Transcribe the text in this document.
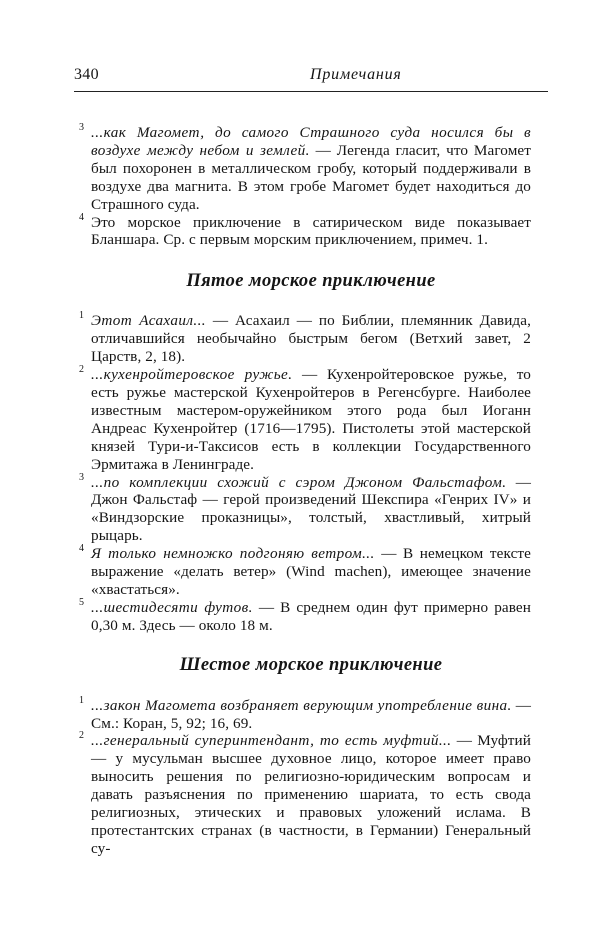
340	Примечания

3 ...как Магомет, до самого Страшного суда носился бы в воздухе между небом и землей. — Легенда гласит, что Магомет был похоронен в металлическом гробу, который поддерживали в воздухе два магнита. В этом гробе Магомет будет находиться до Страшного суда.

4 Это морское приключение в сатирическом виде показывает Бланшара. Ср. с первым морским приключением, примеч. 1.

Пятое морское приключение

1 Этот Асахаил... — Асахаил — по Библии, племянник Давида, отличавшийся необычайно быстрым бегом (Ветхий завет, 2 Царств, 2, 18).

2 ...кухенройтеровское ружье. — Кухенройтеровское ружье, то есть ружье мастерской Кухенройтеров в Регенсбурге. Наиболее известным мастером-оружейником этого рода был Иоганн Андреас Кухенройтер (1716—1795). Пистолеты этой мастерской князей Тури-и-Таксисов есть в коллекции Государственного Эрмитажа в Ленинграде.

3 ...по комплекции схожий с сэром Джоном Фальстафом. — Джон Фальстаф — герой произведений Шекспира «Генрих IV» и «Виндзорские проказницы», толстый, хвастливый, хитрый рыцарь.

4 Я только немножко подгоняю ветром... — В немецком тексте выражение «делать ветер» (Wind machen), имеющее значение «хвастаться».

5 ...шестидесяти футов. — В среднем один фут примерно равен 0,30 м. Здесь — около 18 м.

Шестое морское приключение

1 ...закон Магомета возбраняет верующим употребление вина. — См.: Коран, 5, 92; 16, 69.

2 ...генеральный суперинтендант, то есть муфтий... — Муфтий — у мусульман высшее духовное лицо, которое имеет право выносить решения по религиозно-юридическим вопросам и давать разъяснения по применению шариата, то есть свода религиозных, этических и правовых уложений ислама. В протестантских странах (в частности, в Германии) Генеральный су-
